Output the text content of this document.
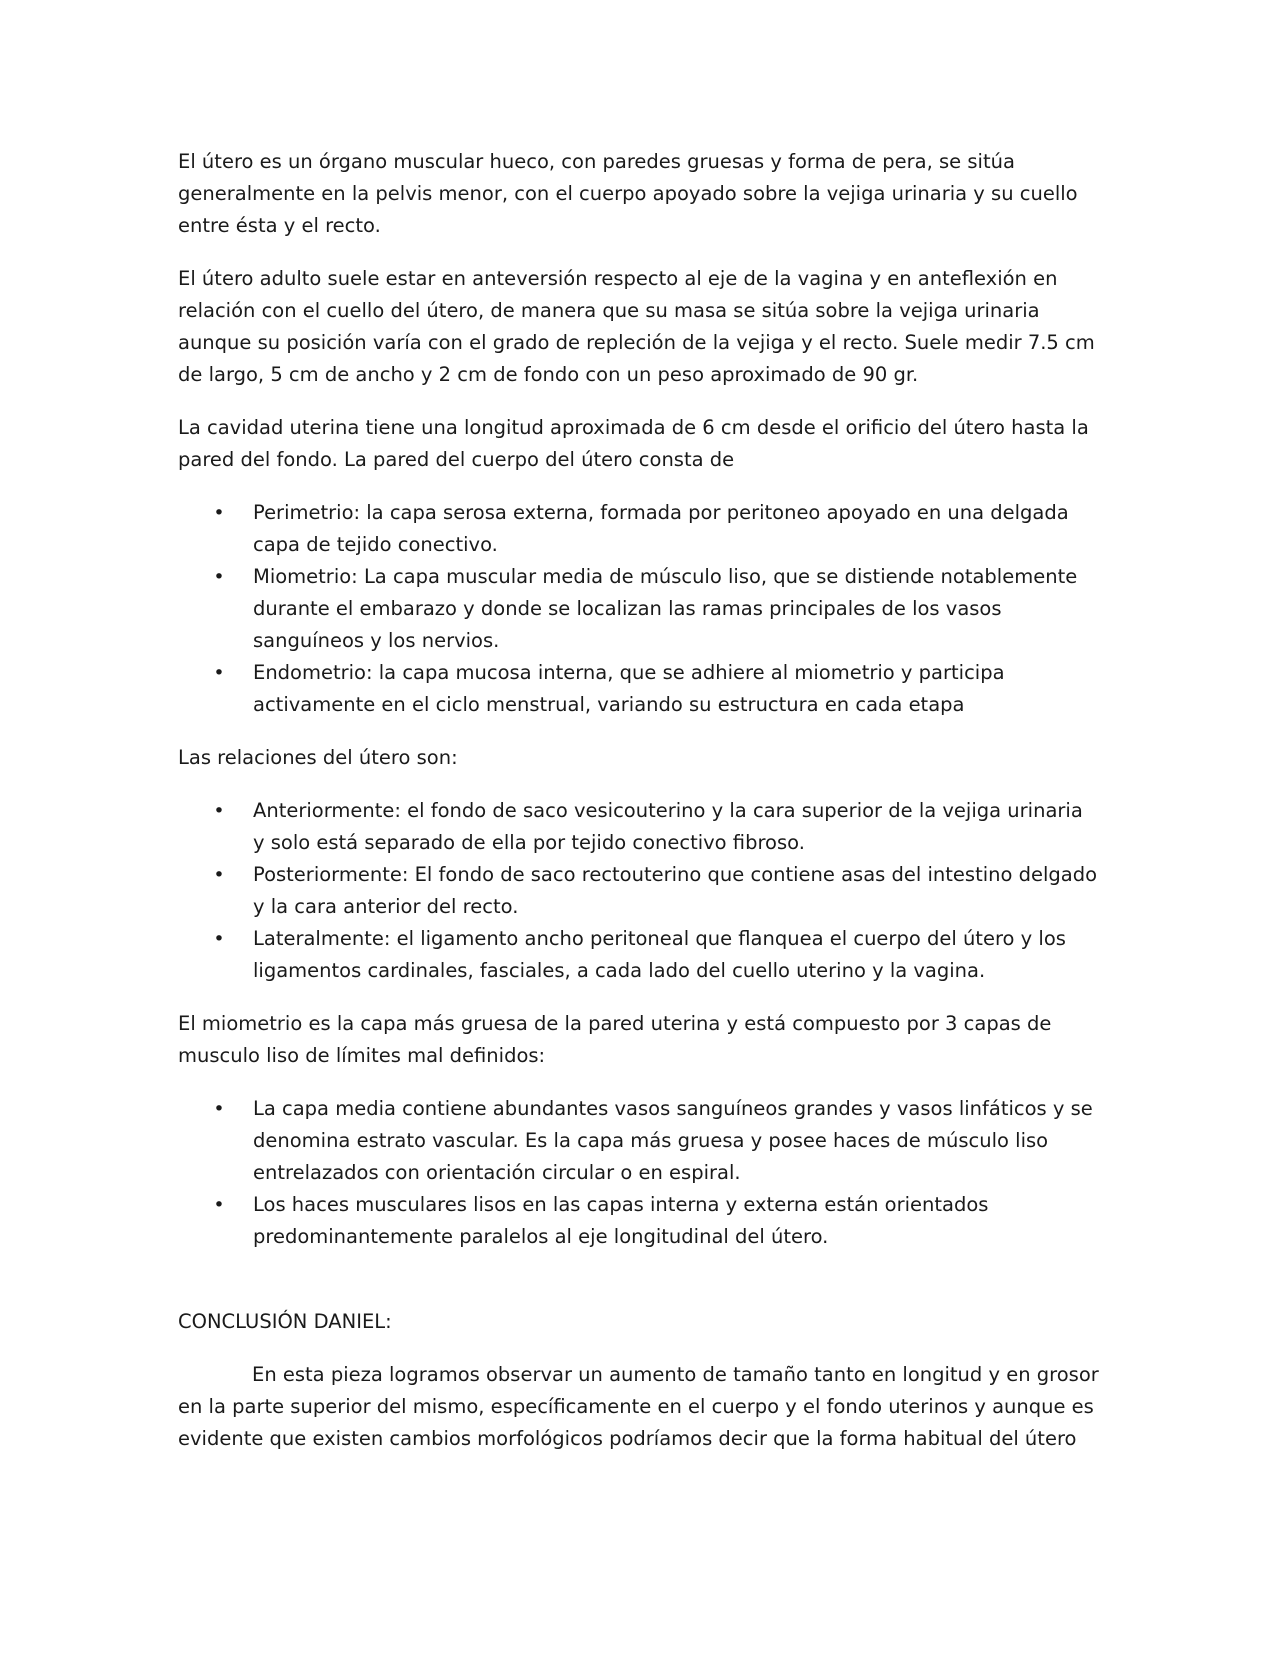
El útero es un órgano muscular hueco, con paredes gruesas y forma de pera, se sitúa generalmente en la pelvis menor, con el cuerpo apoyado sobre la vejiga urinaria y su cuello entre ésta y el recto.

El útero adulto suele estar en anteversión respecto al eje de la vagina y en anteflexión en relación con el cuello del útero, de manera que su masa se sitúa sobre la vejiga urinaria aunque su posición varía con el grado de repleción de la vejiga y el recto. Suele medir 7.5 cm de largo, 5 cm de ancho y 2 cm de fondo con un peso aproximado de 90 gr.

La cavidad uterina tiene una longitud aproximada de 6 cm desde el orificio del útero hasta la pared del fondo. La pared del cuerpo del útero consta de

• Perimetrio: la capa serosa externa, formada por peritoneo apoyado en una delgada capa de tejido conectivo.
• Miometrio: La capa muscular media de músculo liso, que se distiende notablemente durante el embarazo y donde se localizan las ramas principales de los vasos sanguíneos y los nervios.
• Endometrio: la capa mucosa interna, que se adhiere al miometrio y participa activamente en el ciclo menstrual, variando su estructura en cada etapa

Las relaciones del útero son:

• Anteriormente: el fondo de saco vesicouterino y la cara superior de la vejiga urinaria y solo está separado de ella por tejido conectivo fibroso.
• Posteriormente: El fondo de saco rectouterino que contiene asas del intestino delgado y la cara anterior del recto.
• Lateralmente: el ligamento ancho peritoneal que flanquea el cuerpo del útero y los ligamentos cardinales, fasciales, a cada lado del cuello uterino y la vagina.

El miometrio es la capa más gruesa de la pared uterina y está compuesto por 3 capas de musculo liso de límites mal definidos:

• La capa media contiene abundantes vasos sanguíneos grandes y vasos linfáticos y se denomina estrato vascular. Es la capa más gruesa y posee haces de músculo liso entrelazados con orientación circular o en espiral.
• Los haces musculares lisos en las capas interna y externa están orientados predominantemente paralelos al eje longitudinal del útero.

CONCLUSIÓN DANIEL:

En esta pieza logramos observar un aumento de tamaño tanto en longitud y en grosor en la parte superior del mismo, específicamente en el cuerpo y el fondo uterinos y aunque es evidente que existen cambios morfológicos podríamos decir que la forma habitual del útero
